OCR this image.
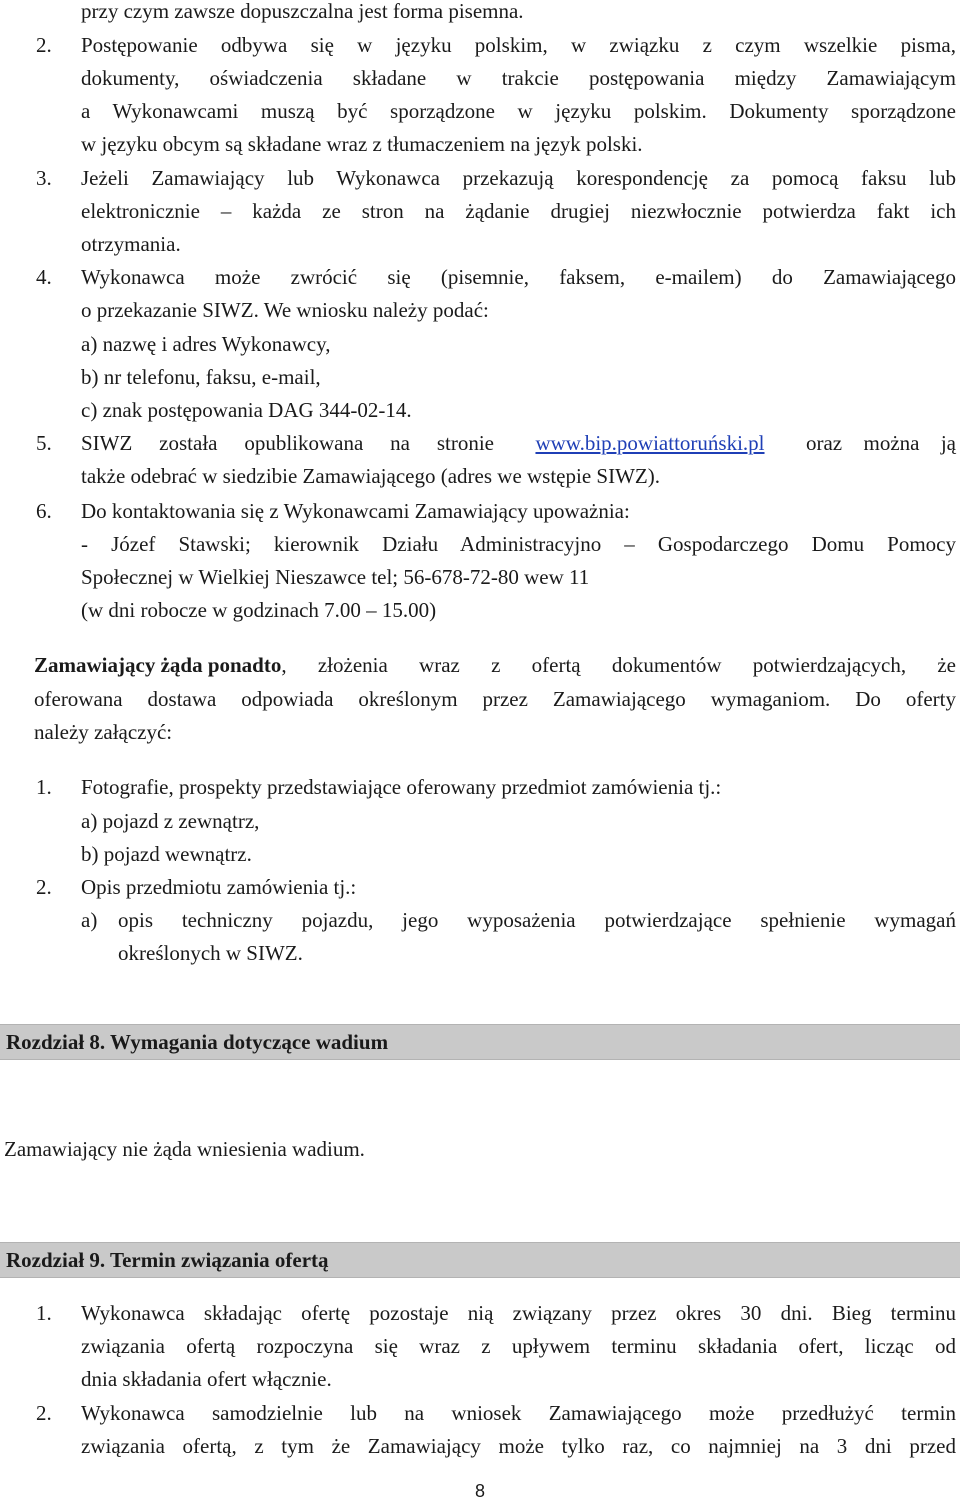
przy czym zawsze dopuszczalna jest forma pisemna.
2. Postępowanie odbywa się w języku polskim, w związku z czym wszelkie pisma,
dokumenty, oświadczenia składane w trakcie postępowania między Zamawiającym
a Wykonawcami muszą być sporządzone w języku polskim. Dokumenty sporządzone
w języku obcym są składane wraz z tłumaczeniem na język polski.
3. Jeżeli Zamawiający lub Wykonawca przekazują korespondencję za pomocą faksu lub
elektronicznie – każda ze stron na żądanie drugiej niezwłocznie potwierdza fakt ich
otrzymania.
4. Wykonawca może zwrócić się (pisemnie, faksem, e-mailem) do Zamawiającego
o przekazanie SIWZ. We wniosku należy podać:
a) nazwę i adres Wykonawcy,
b) nr telefonu, faksu, e-mail,
c) znak postępowania DAG 344-02-14.
5. SIWZ została opublikowana na stronie www.bip.powiattoruński.pl oraz można ją
także odebrać w siedzibie Zamawiającego (adres we wstępie SIWZ).
6. Do kontaktowania się z Wykonawcami Zamawiający upoważnia:
- Józef Stawski; kierownik Działu Administracyjno – Gospodarczego Domu Pomocy
Społecznej w Wielkiej Nieszawce tel; 56-678-72-80 wew 11
(w dni robocze w godzinach 7.00 – 15.00)
Zamawiający żąda ponadto , złożenia wraz z ofertą dokumentów potwierdzających, że
oferowana dostawa odpowiada określonym przez Zamawiającego wymaganiom. Do oferty
należy załączyć:
1. Fotografie, prospekty przedstawiające oferowany przedmiot zamówienia tj.:
a) pojazd z zewnątrz,
b) pojazd wewnątrz.
2. Opis przedmiotu zamówienia tj.:
a) opis techniczny pojazdu, jego wyposażenia potwierdzające spełnienie wymagań
określonych w SIWZ.
Rozdział 8. Wymagania dotyczące wadium
Zamawiający nie żąda wniesienia wadium.
Rozdział 9. Termin związania ofertą
1. Wykonawca składając ofertę pozostaje nią związany przez okres 30 dni. Bieg terminu
związania ofertą rozpoczyna się wraz z upływem terminu składania ofert, licząc od
dnia składania ofert włącznie.
2. Wykonawca samodzielnie lub na wniosek Zamawiającego może przedłużyć termin
związania ofertą, z tym że Zamawiający może tylko raz, co najmniej na 3 dni przed
8
